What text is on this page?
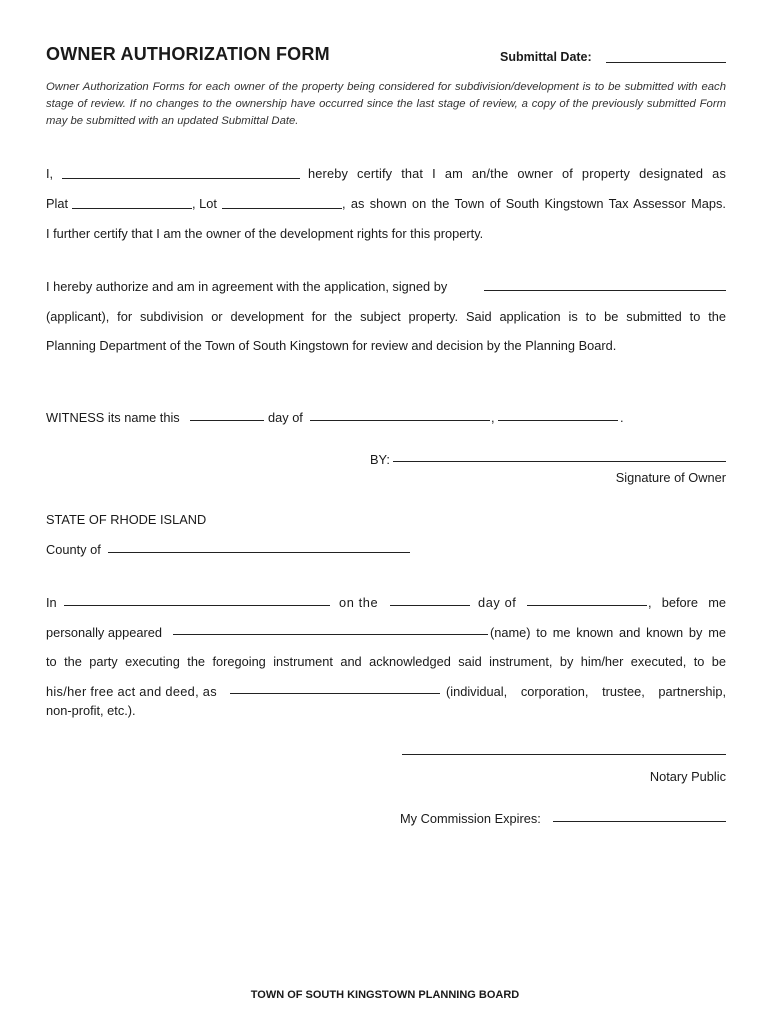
OWNER AUTHORIZATION FORM	Submittal Date:
Owner Authorization Forms for each owner of the property being considered for subdivision/development is to be submitted with each stage of review. If no changes to the ownership have occurred since the last stage of review, a copy of the previously submitted Form may be submitted with an updated Submittal Date.
I,	hereby certify that I am an/the owner of property designated as
Plat	, Lot	, as shown on the Town of South Kingstown Tax Assessor Maps.
I further certify that I am the owner of the development rights for this property.
I hereby authorize and am in agreement with the application, signed by
(applicant), for subdivision or development for the subject property. Said application is to be submitted to the
Planning Department of the Town of South Kingstown for review and decision by the Planning Board.
WITNESS its name this	day of	,	.
BY:
Signature of Owner
STATE OF RHODE ISLAND
County of
In	on the	day of	, before me
personally appeared	(name) to me known and known by me
to the party executing the foregoing instrument and acknowledged said instrument, by him/her executed, to be
his/her free act and deed, as	(individual, corporation, trustee, partnership,
non-profit, etc.).
Notary Public
My Commission Expires:
TOWN OF SOUTH KINGSTOWN PLANNING BOARD
